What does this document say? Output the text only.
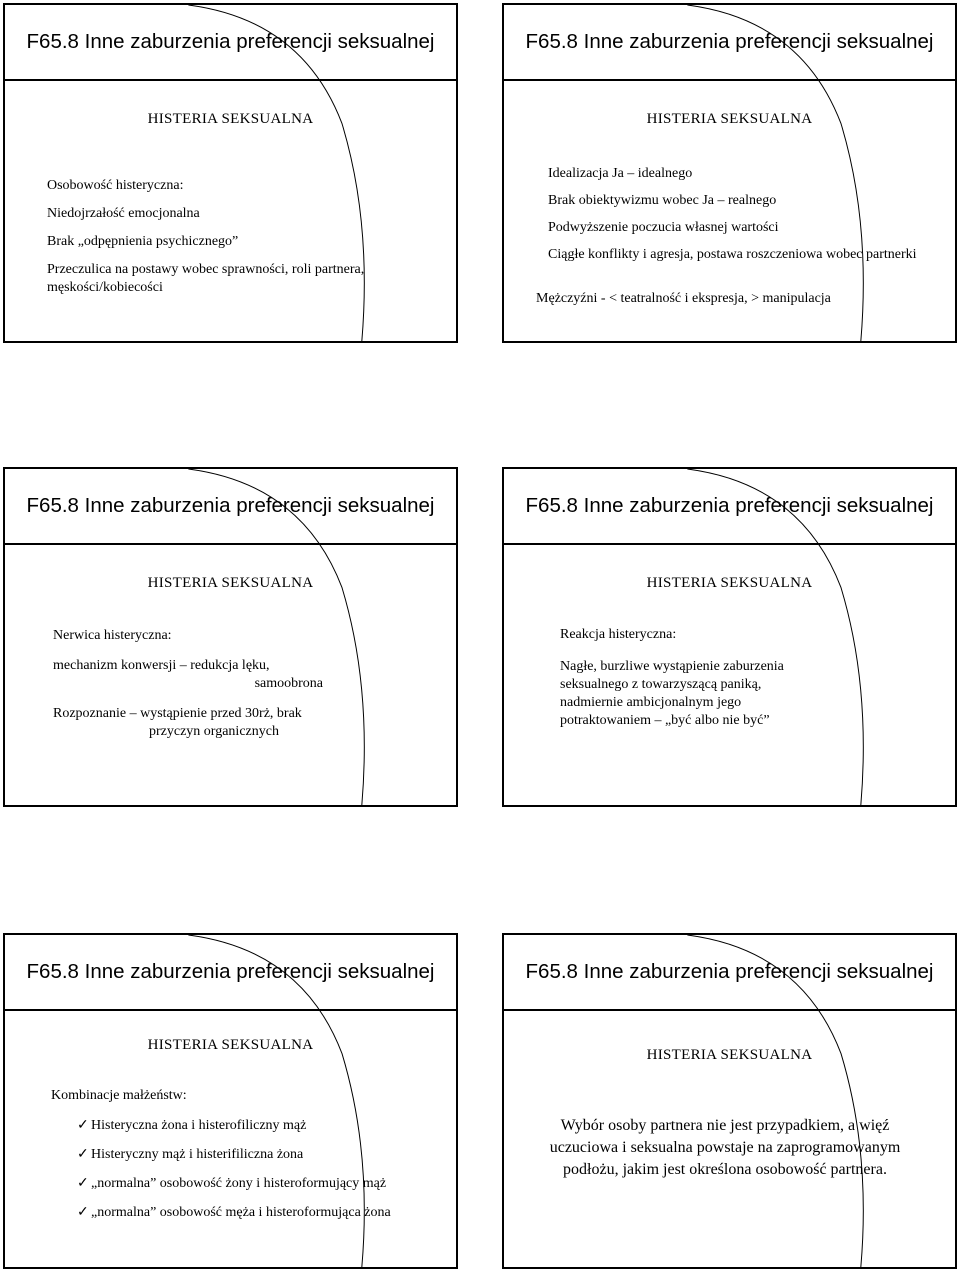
F65.8 Inne zaburzenia preferencji seksualnej
HISTERIA SEKSUALNA

Osobowość histeryczna:

Niedojrzałość emocjonalna

Brak „odpępnienia psychicznego”

Przeczulica na postawy wobec sprawności, roli partnera, męskości/kobiecości

F65.8 Inne zaburzenia preferencji seksualnej
HISTERIA SEKSUALNA

Idealizacja Ja – idealnego

Brak obiektywizmu wobec Ja – realnego

Podwyższenie poczucia własnej wartości

Ciągłe konflikty i agresja, postawa roszczeniowa wobec partnerki

Mężczyźni - < teatralność i ekspresja, > manipulacja

F65.8 Inne zaburzenia preferencji seksualnej
HISTERIA SEKSUALNA

Nerwica histeryczna:

mechanizm konwersji – redukcja lęku,

samoobrona

Rozpoznanie – wystąpienie przed 30rż, brak

przyczyn organicznych

F65.8 Inne zaburzenia preferencji seksualnej
HISTERIA SEKSUALNA

Reakcja histeryczna:

Nagłe, burzliwe wystąpienie zaburzenia seksualnego z towarzyszącą paniką, nadmiernie ambicjonalnym jego potraktowaniem – „być albo nie być”

F65.8 Inne zaburzenia preferencji seksualnej
HISTERIA SEKSUALNA

Kombinacje małżeństw:

✓ Histeryczna żona i histerofiliczny mąż

✓ Histeryczny mąż i histerifiliczna żona

✓ „normalna” osobowość żony i histeroformujący mąż

✓ „normalna” osobowość męża i histeroformująca żona

F65.8 Inne zaburzenia preferencji seksualnej
HISTERIA SEKSUALNA

Wybór osoby partnera nie jest przypadkiem, a więź uczuciowa i seksualna powstaje na zaprogramowanym podłożu, jakim jest określona osobowość partnera.
